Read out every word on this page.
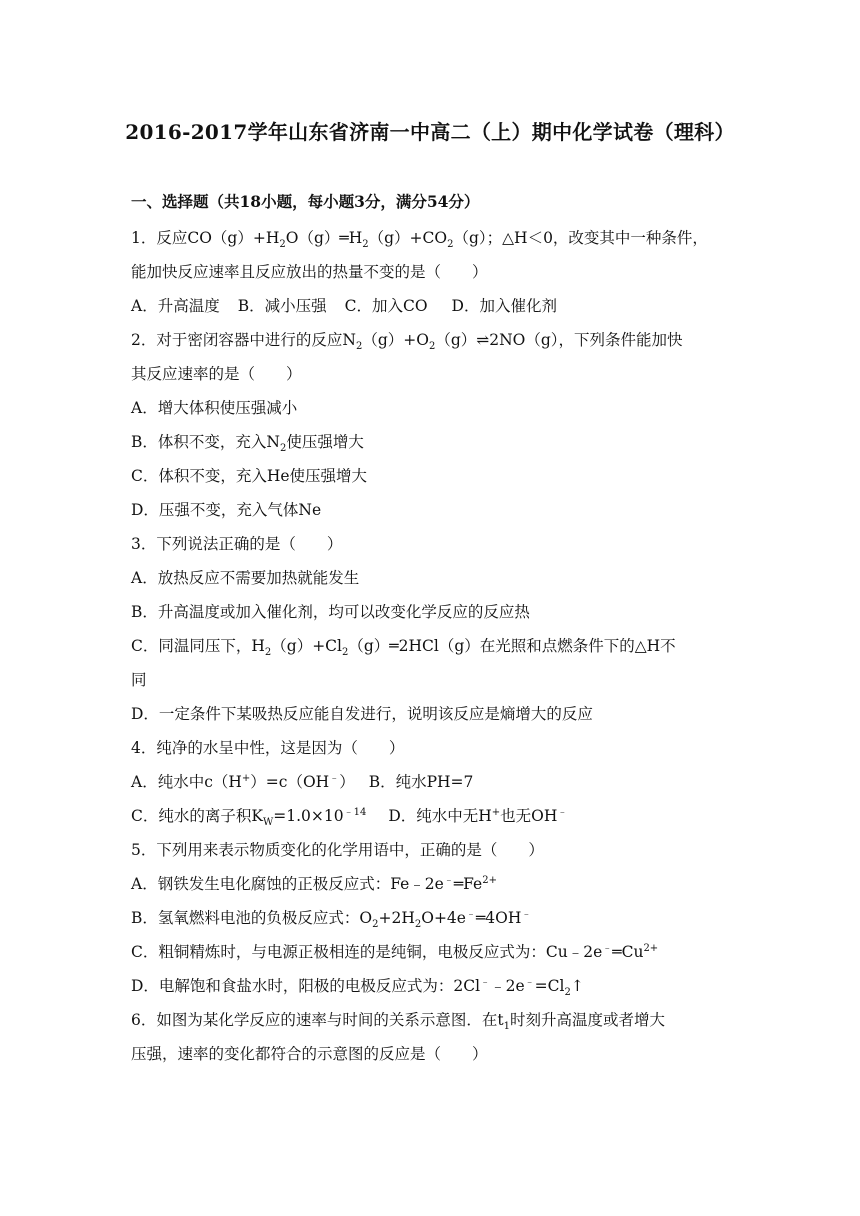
2016-2017学年山东省济南一中高二（上）期中化学试卷（理科）
一、选择题（共18小题，每小题3分，满分54分）
1．反应$CO(g)+H_2O(g)═H_2(g)+CO_2(g)$；△H＜0，改变其中一种条件，
能加快反应速率且反应放出的热量不变的是（　　）
A．升高温度 B．减小压强 C．加入CO D．加入催化剂
2．对于密闭容器中进行的反应$N_2(g)+O_2(g)\rightleftharpoons 2NO(g)$，下列条件能加快
其反应速率的是（　　）
A．增大体积使压强减小
B．体积不变，充入$N_2$使压强增大
C．体积不变，充入He使压强增大
D．压强不变，充入气体Ne
3．下列说法正确的是（　　）
A．放热反应不需要加热就能发生
B．升高温度或加入催化剂，均可以改变化学反应的反应热
C．同温同压下，$H_2(g)+Cl_2(g)═2HCl(g)$在光照和点燃条件下的△H不
同
D．一定条件下某吸热反应能自发进行，说明该反应是熵增大的反应
4．纯净的水呈中性，这是因为（　　）
A．纯水中c（H+）=c（OH﹣） B．纯水PH=7
C．纯水的离子积$K_W=1.0\times 10^{﹣14}$ D．纯水中无H+也无OH﹣
5．下列用来表示物质变化的化学用语中，正确的是（　　）
A．钢铁发生电化腐蚀的正极反应式：$Fe﹣2e^﹣═Fe^{2+}$
B．氢氧燃料电池的负极反应式：$O_2+2H_2O+4e^﹣═4OH^﹣$
C．粗铜精炼时，与电源正极相连的是纯铜，电极反应式为：$Cu﹣2e^﹣═Cu^{2+}$
D．电解饱和食盐水时，阳极的电极反应式为：$2Cl^﹣﹣2e^﹣=Cl_2↑$
6．如图为某化学反应的速率与时间的关系示意图．在$t_1$时刻升高温度或者增大
压强，速率的变化都符合的示意图的反应是（　　）
